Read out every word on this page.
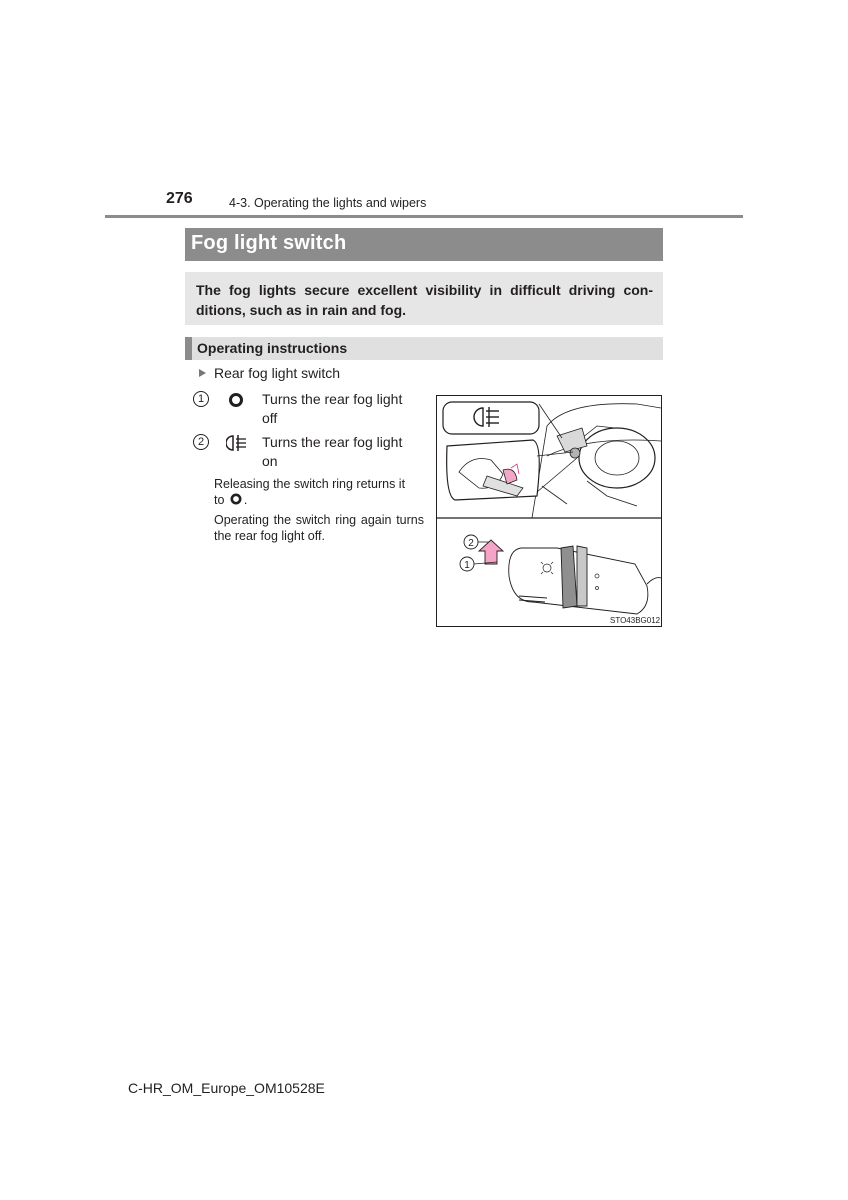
276	4-3. Operating the lights and wipers
Fog light switch

The fog lights secure excellent visibility in difficult driving con-ditions, such as in rain and fog.

Operating instructions
Rear fog light switch
1	Turns the rear fog light
off
2	Turns the rear fog light
on
Releasing the switch ring returns it
to .
Operating the switch ring again turns the rear fog light off.
2
1
STO43BG012
C-HR_OM_Europe_OM10528E
